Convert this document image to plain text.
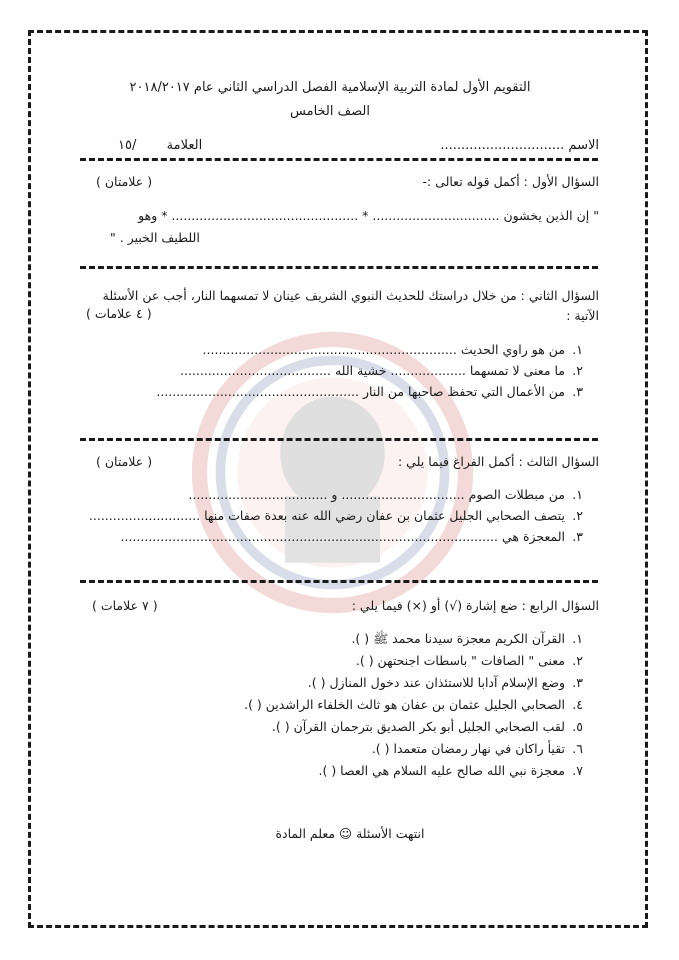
التقويم الأول لمادة التربية الإسلامية الفصل الدراسي الثاني عام ٢٠١٨/٢٠١٧
الصف الخامس
الاسم ..............................
العلامة  /١٥
السؤال الأول : أكمل قوله تعالى :-
( علامتان )
" إن الذين يخشون ................................ * ............................................... * وهو
اللطيف الخبير . "
السؤال الثاني : من خلال دراستك للحديث النبوي الشريف عينان لا تمسهما النار، أجب عن الأسئلة
الآتية :
( ٤ علامات )
١.من هو راوي الحديث ................................................................
٢.ما معنى لا تمسهما ................... خشية الله ......................................
٣.من الأعمال التي تحفظ صاحبها من النار ...................................................
السؤال الثالث : أكمل الفراغ فيما يلي :
( علامتان )
١.من مبطلات الصوم ............................... و ...................................
٢.يتصف الصحابي الجليل عثمان بن عفان رضي الله عنه بعدة صفات منها ............................
٣.المعجزة هي ...............................................................................................
السؤال الرابع : ضع إشارة (√) أو (×) فيما يلي :
( ٧ علامات )
١.القرآن الكريم معجزة سيدنا محمد ﷺ ( ).
٢.معنى " الصافات " باسطات اجنحتهن ( ).
٣.وضع الإسلام آدابا للاستئذان عند دخول المنازل ( ).
٤.الصحابي الجليل عثمان بن عفان هو ثالث الخلفاء الراشدين ( ).
٥.لقب الصحابي الجليل أبو بكر الصديق بترجمان القرآن ( ).
٦.تقيأ راكان في نهار رمضان متعمدا ( ).
٧.معجزة نبي الله صالح عليه السلام هي العصا ( ).
انتهت الأسئلة ☺ معلم المادة
